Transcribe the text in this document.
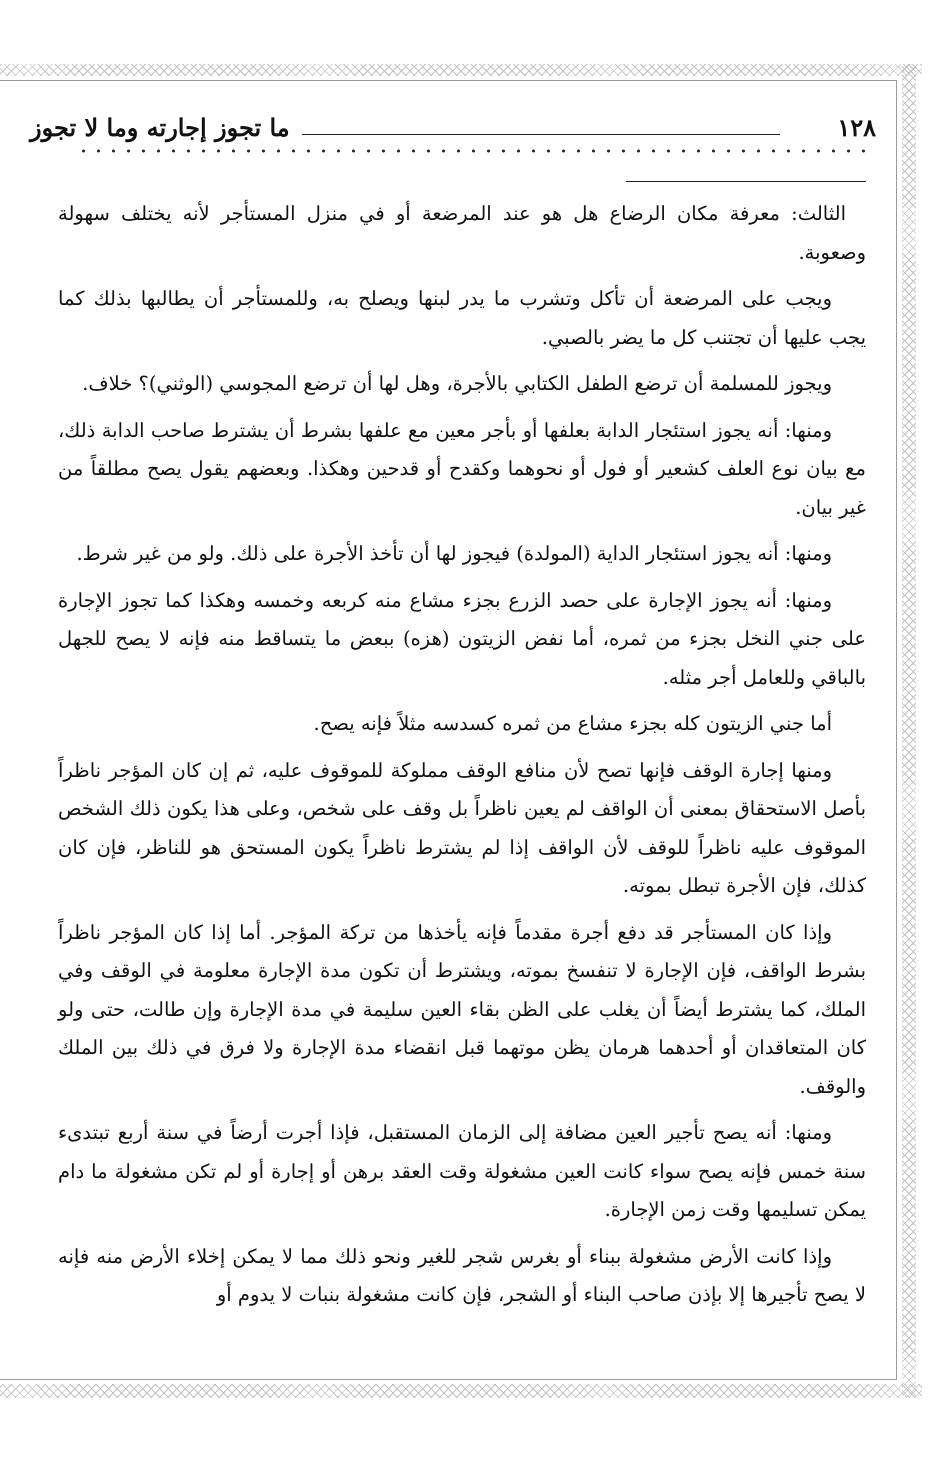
١٢٨
ما تجوز إجارته وما لا تجوز

الثالث: معرفة مكان الرضاع هل هو عند المرضعة أو في منزل المستأجر لأنه يختلف سهولة وصعوبة.

ويجب على المرضعة أن تأكل وتشرب ما يدر لبنها ويصلح به، وللمستأجر أن يطالبها بذلك كما يجب عليها أن تجتنب كل ما يضر بالصبي.

ويجوز للمسلمة أن ترضع الطفل الكتابي بالأجرة، وهل لها أن ترضع المجوسي (الوثني)؟ خلاف.

ومنها: أنه يجوز استئجار الدابة بعلفها أو بأجر معين مع علفها بشرط أن يشترط صاحب الدابة ذلك، مع بيان نوع العلف كشعير أو فول أو نحوهما وكقدح أو قدحين وهكذا. وبعضهم يقول يصح مطلقاً من غير بيان.

ومنها: أنه يجوز استئجار الداية (المولدة) فيجوز لها أن تأخذ الأجرة على ذلك. ولو من غير شرط.

ومنها: أنه يجوز الإجارة على حصد الزرع بجزء مشاع منه كربعه وخمسه وهكذا كما تجوز الإجارة على جني النخل بجزء من ثمره، أما نفض الزيتون (هزه) ببعض ما يتساقط منه فإنه لا يصح للجهل بالباقي وللعامل أجر مثله.

أما جني الزيتون كله بجزء مشاع من ثمره كسدسه مثلاً فإنه يصح.

ومنها إجارة الوقف فإنها تصح لأن منافع الوقف مملوكة للموقوف عليه، ثم إن كان المؤجر ناظراً بأصل الاستحقاق بمعنى أن الواقف لم يعين ناظراً بل وقف على شخص، وعلى هذا يكون ذلك الشخص الموقوف عليه ناظراً للوقف لأن الواقف إذا لم يشترط ناظراً يكون المستحق هو للناظر، فإن كان كذلك، فإن الأجرة تبطل بموته.

وإذا كان المستأجر قد دفع أجرة مقدماً فإنه يأخذها من تركة المؤجر. أما إذا كان المؤجر ناظراً بشرط الواقف، فإن الإجارة لا تنفسخ بموته، ويشترط أن تكون مدة الإجارة معلومة في الوقف وفي الملك، كما يشترط أيضاً أن يغلب على الظن بقاء العين سليمة في مدة الإجارة وإن طالت، حتى ولو كان المتعاقدان أو أحدهما هرمان يظن موتهما قبل انقضاء مدة الإجارة ولا فرق في ذلك بين الملك والوقف.

ومنها: أنه يصح تأجير العين مضافة إلى الزمان المستقبل، فإذا أجرت أرضاً في سنة أربع تبتدىء سنة خمس فإنه يصح سواء كانت العين مشغولة وقت العقد برهن أو إجارة أو لم تكن مشغولة ما دام يمكن تسليمها وقت زمن الإجارة.

وإذا كانت الأرض مشغولة ببناء أو بغرس شجر للغير ونحو ذلك مما لا يمكن إخلاء الأرض منه فإنه لا يصح تأجيرها إلا بإذن صاحب البناء أو الشجر، فإن كانت مشغولة بنبات لا يدوم أو
